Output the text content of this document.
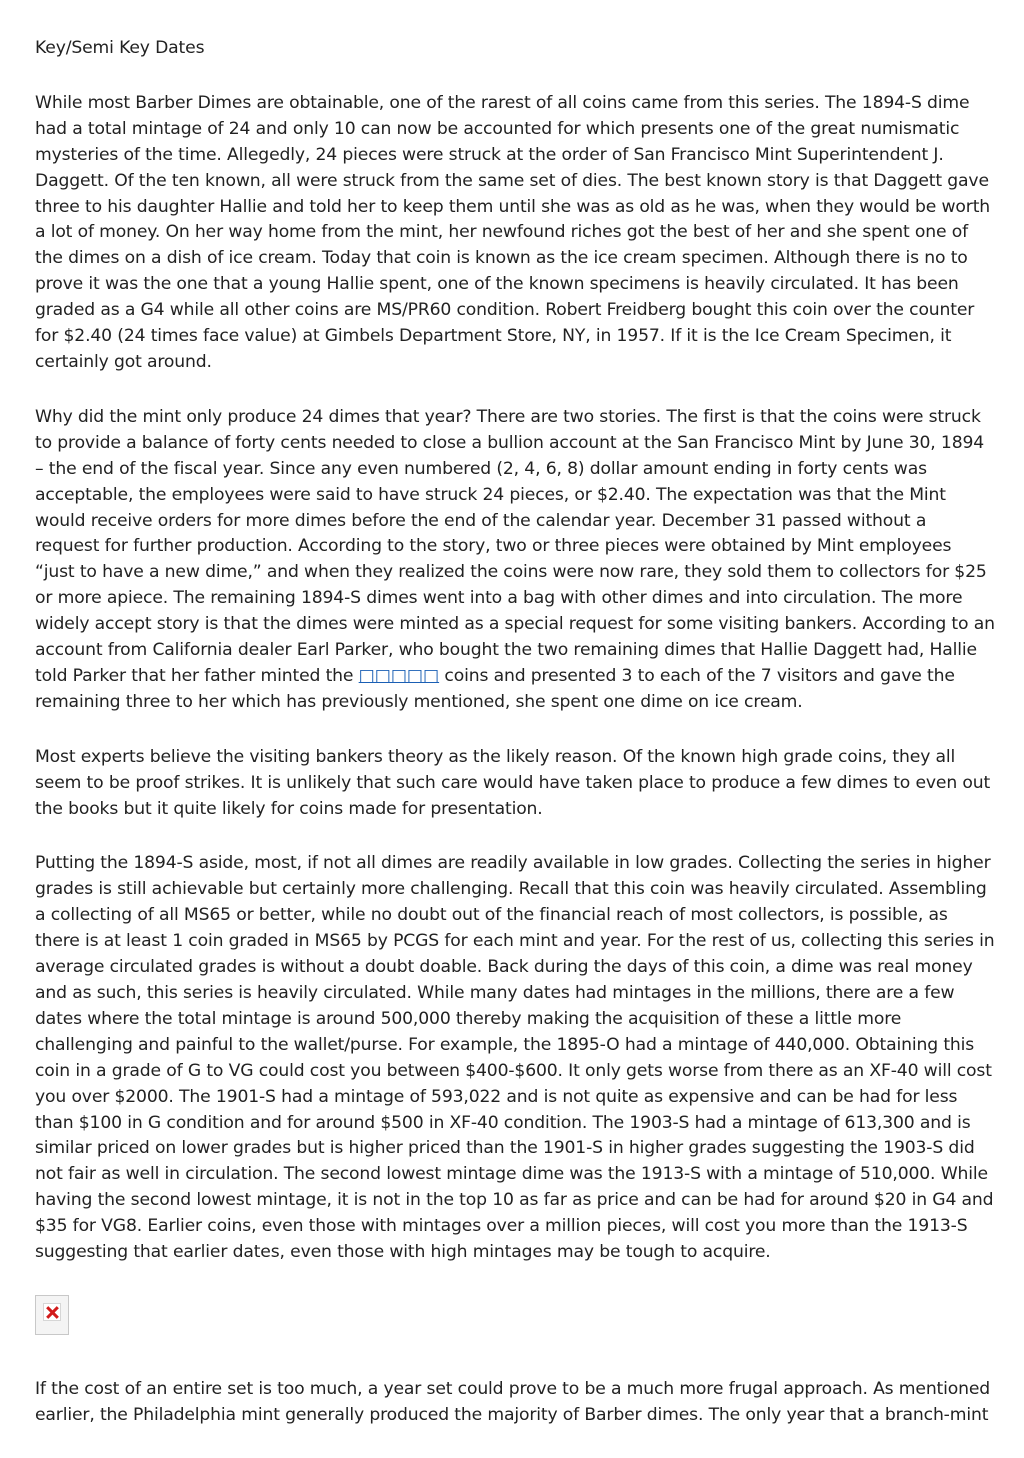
Key/Semi Key Dates

While most Barber Dimes are obtainable, one of the rarest of all coins came from this series. The 1894-S dime had a total mintage of 24 and only 10 can now be accounted for which presents one of the great numismatic mysteries of the time. Allegedly, 24 pieces were struck at the order of San Francisco Mint Superintendent J. Daggett. Of the ten known, all were struck from the same set of dies. The best known story is that Daggett gave three to his daughter Hallie and told her to keep them until she was as old as he was, when they would be worth a lot of money. On her way home from the mint, her newfound riches got the best of her and she spent one of the dimes on a dish of ice cream. Today that coin is known as the ice cream specimen. Although there is no to prove it was the one that a young Hallie spent, one of the known specimens is heavily circulated. It has been graded as a G4 while all other coins are MS/PR60 condition. Robert Freidberg bought this coin over the counter for $2.40 (24 times face value) at Gimbels Department Store, NY, in 1957. If it is the Ice Cream Specimen, it certainly got around.

Why did the mint only produce 24 dimes that year? There are two stories. The first is that the coins were struck to provide a balance of forty cents needed to close a bullion account at the San Francisco Mint by June 30, 1894 – the end of the fiscal year. Since any even numbered (2, 4, 6, 8) dollar amount ending in forty cents was acceptable, the employees were said to have struck 24 pieces, or $2.40. The expectation was that the Mint would receive orders for more dimes before the end of the calendar year. December 31 passed without a request for further production. According to the story, two or three pieces were obtained by Mint employees “just to have a new dime,” and when they realized the coins were now rare, they sold them to collectors for $25 or more apiece. The remaining 1894-S dimes went into a bag with other dimes and into circulation. The more widely accept story is that the dimes were minted as a special request for some visiting bankers. According to an account from California dealer Earl Parker, who bought the two remaining dimes that Hallie Daggett had, Hallie told Parker that her father minted the □□□□□ coins and presented 3 to each of the 7 visitors and gave the remaining three to her which has previously mentioned, she spent one dime on ice cream.

Most experts believe the visiting bankers theory as the likely reason. Of the known high grade coins, they all seem to be proof strikes. It is unlikely that such care would have taken place to produce a few dimes to even out the books but it quite likely for coins made for presentation.

Putting the 1894-S aside, most, if not all dimes are readily available in low grades. Collecting the series in higher grades is still achievable but certainly more challenging. Recall that this coin was heavily circulated. Assembling a collecting of all MS65 or better, while no doubt out of the financial reach of most collectors, is possible, as there is at least 1 coin graded in MS65 by PCGS for each mint and year. For the rest of us, collecting this series in average circulated grades is without a doubt doable. Back during the days of this coin, a dime was real money and as such, this series is heavily circulated. While many dates had mintages in the millions, there are a few dates where the total mintage is around 500,000 thereby making the acquisition of these a little more challenging and painful to the wallet/purse. For example, the 1895-O had a mintage of 440,000. Obtaining this coin in a grade of G to VG could cost you between $400-$600. It only gets worse from there as an XF-40 will cost you over $2000. The 1901-S had a mintage of 593,022 and is not quite as expensive and can be had for less than $100 in G condition and for around $500 in XF-40 condition. The 1903-S had a mintage of 613,300 and is similar priced on lower grades but is higher priced than the 1901-S in higher grades suggesting the 1903-S did not fair as well in circulation. The second lowest mintage dime was the 1913-S with a mintage of 510,000. While having the second lowest mintage, it is not in the top 10 as far as price and can be had for around $20 in G4 and $35 for VG8. Earlier coins, even those with mintages over a million pieces, will cost you more than the 1913-S suggesting that earlier dates, even those with high mintages may be tough to acquire.

If the cost of an entire set is too much, a year set could prove to be a much more frugal approach. As mentioned earlier, the Philadelphia mint generally produced the majority of Barber dimes. The only year that a branch-mint
